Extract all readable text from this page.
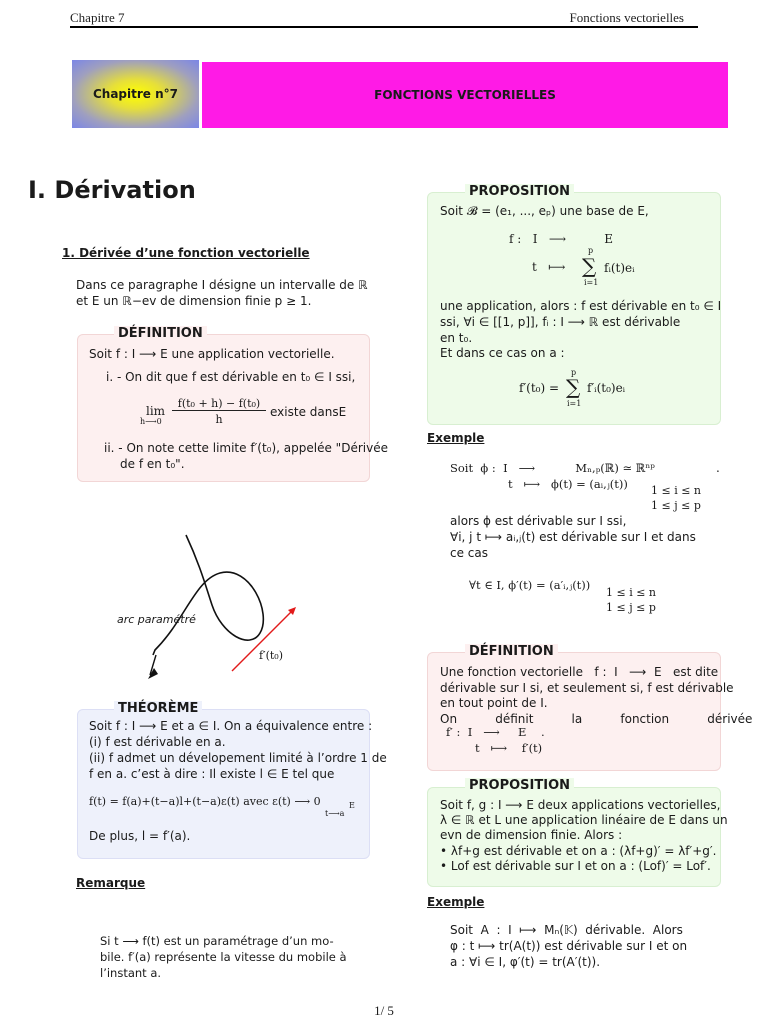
Chapitre 7	Fonctions vectorielles
Chapitre n°7	FONCTIONS VECTORIELLES
I. Dérivation
1. Dérivée d’une fonction vectorielle
Dans ce paragraphe I désigne un intervalle de ℝ
et E un ℝ−ev de dimension finie p ≥ 1.
DÉFINITION
Soit f : I ⟶ E une application vectorielle.
i. - On dit que f est dérivable en t₀ ∈ I ssi,
lim
h⟶0
f(t₀ + h) − f(t₀)
h
existe dansE
ii. - On note cette limite f′(t₀), appelée "Dérivée
de f en t₀".
arc paramétré
f′(t₀)
THÉORÈME
Soit f : I ⟶ E et a ∈ I. On a équivalence entre :
(i) f est dérivable en a.
(ii) f admet un dévelopement limité à l’ordre 1 de
f en a. c’est à dire : Il existe l ∈ E tel que
f(t) = f(a)+(t−a)l+(t−a)ε(t) avec ε(t) ⟶ 0	E
t⟶a
De plus, l = f′(a).
Remarque
Si t ⟶ f(t) est un paramétrage d’un mo-
bile. f′(a) représente la vitesse du mobile à
l’instant a.
PROPOSITION
Soit 𝓑 = (e₁, ..., eₚ) une base de E,
f :   I   ⟶          E
t   ⟼
p
∑
i=1
fᵢ(t)eᵢ
une application, alors : f est dérivable en t₀ ∈ I
ssi, ∀i ∈ [[1, p]], fᵢ : I ⟶ ℝ est dérivable
en t₀.
Et dans ce cas on a :
f′(t₀) =
p
∑
i=1
f′ᵢ(t₀)eᵢ
Exemple
Soit  ϕ :  I   ⟶           Mₙ,ₚ(ℝ) ≃ ℝⁿᵖ	.
t   ⟼   ϕ(t) = (aᵢ,ⱼ(t)) 1 ≤ i ≤ n
1 ≤ j ≤ p
alors ϕ est dérivable sur I ssi,
∀i, j t ⟼ aᵢ,ⱼ(t) est dérivable sur I et dans
ce cas
∀t ∈ I, ϕ′(t) = (a′ᵢ,ⱼ(t))
1 ≤ i ≤ n
1 ≤ j ≤ p
DÉFINITION
Une fonction vectorielle   f :  I   ⟶  E   est dite
dérivable sur I si, et seulement si, f est dérivable
en tout point de I.
On          définit          la          fonction          dérivée
f′ :  I   ⟶     E    .
t   ⟼    f′(t)
PROPOSITION
Soit f, g : I ⟶ E deux applications vectorielles,
λ ∈ ℝ et L une application linéaire de E dans un
evn de dimension finie. Alors :
• λf+g est dérivable et on a : (λf+g)′ = λf′+g′.
• Lof est dérivable sur I et on a : (Lof)′ = Lof′.
Exemple
Soit  A  :  I  ⟼  Mₙ(𝕂)  dérivable.  Alors
φ : t ⟼ tr(A(t)) est dérivable sur I et on
a : ∀i ∈ I, φ′(t) = tr(A′(t)).
1/ 5
